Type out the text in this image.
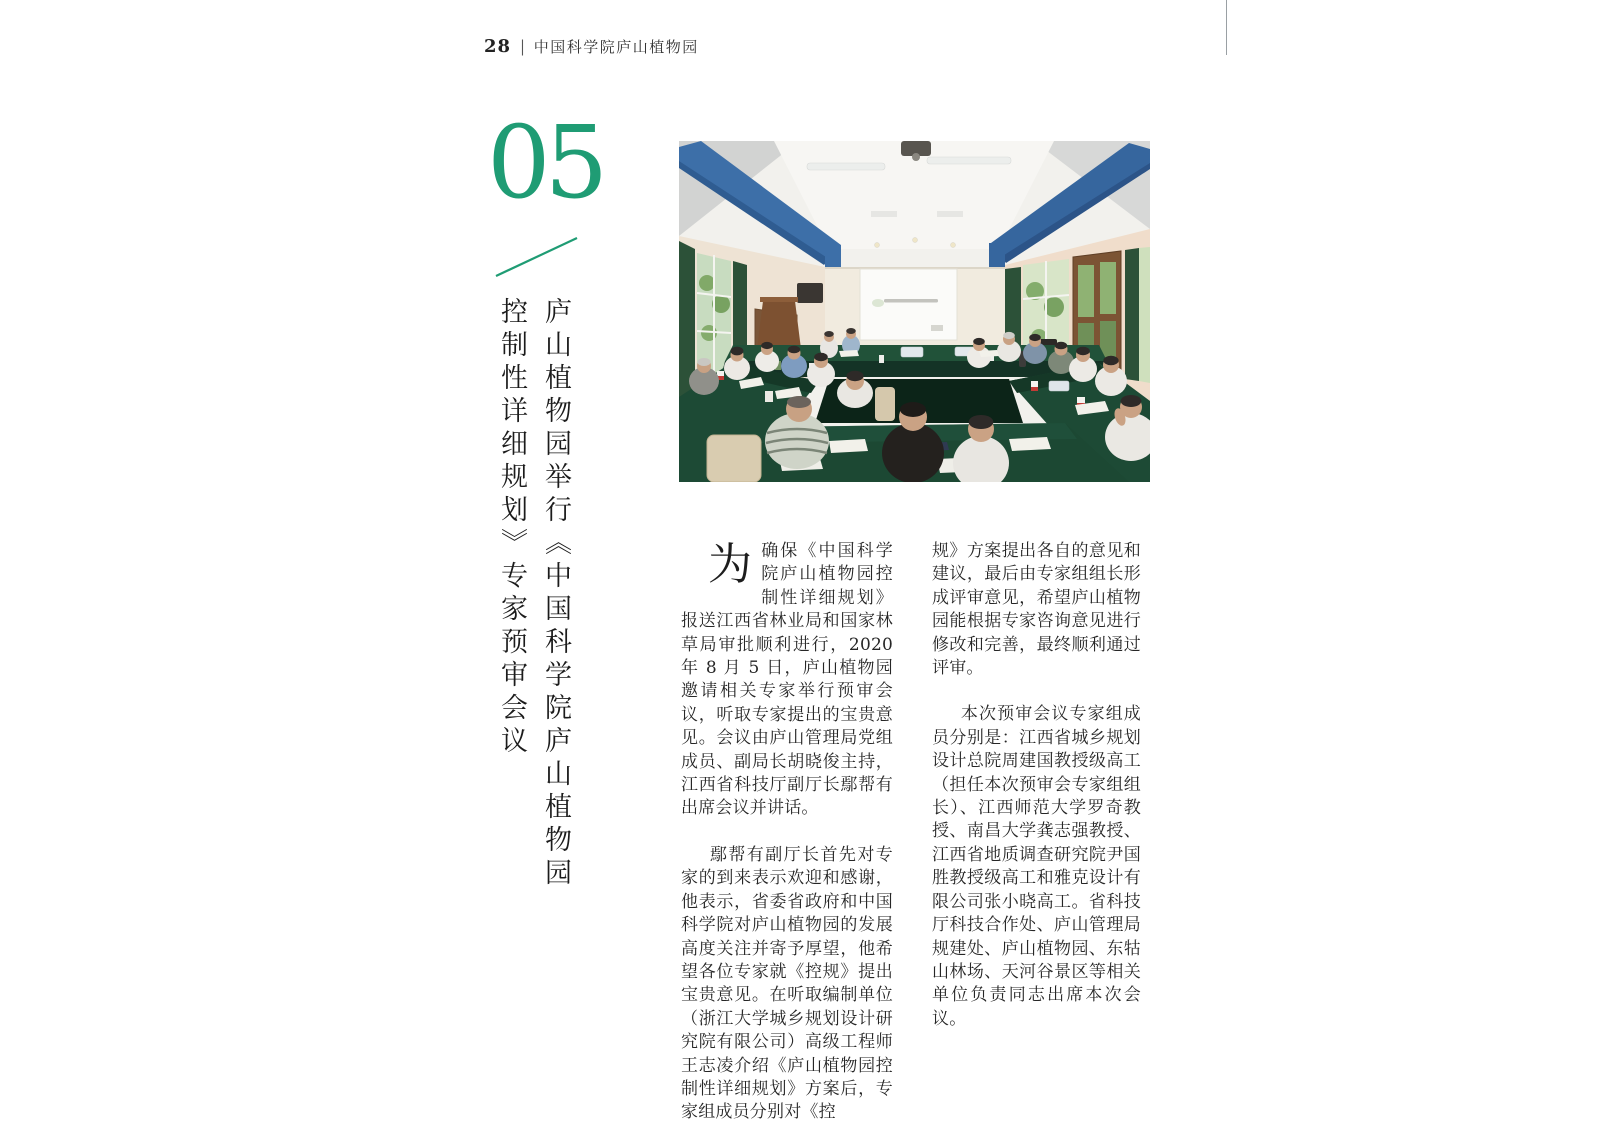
28 | 中国科学院庐山植物园
05
庐山植物园举行《中国科学院庐山植物园
控制性详细规划》专家预审会议	为确保《中国科学院庐山植物园控制性详细规划》报送江西省林业局和国家林草局审批顺利进行，2020 年 8 月 5 日，庐山植物园邀请相关专家举行预审会议，听取专家提出的宝贵意见。会议由庐山管理局党组成员、副局长胡晓俊主持，江西省科技厅副厅长鄢帮有出席会议并讲话。

鄢帮有副厅长首先对专家的到来表示欢迎和感谢，他表示，省委省政府和中国科学院对庐山植物园的发展高度关注并寄予厚望，他希望各位专家就《控规》提出宝贵意见。在听取编制单位（浙江大学城乡规划设计研究院有限公司）高级工程师王志凌介绍《庐山植物园控制性详细规划》方案后，专家组成员分别对《控

规》方案提出各自的意见和建议，最后由专家组组长形成评审意见，希望庐山植物园能根据专家咨询意见进行修改和完善，最终顺利通过评审。

本次预审会议专家组成员分别是：江西省城乡规划设计总院周建国教授级高工（担任本次预审会专家组组长）、江西师范大学罗奇教授、南昌大学龚志强教授、江西省地质调查研究院尹国胜教授级高工和雅克设计有限公司张小晓高工。省科技厅科技合作处、庐山管理局规建处、庐山植物园、东牯山林场、天河谷景区等相关单位负责同志出席本次会议。
